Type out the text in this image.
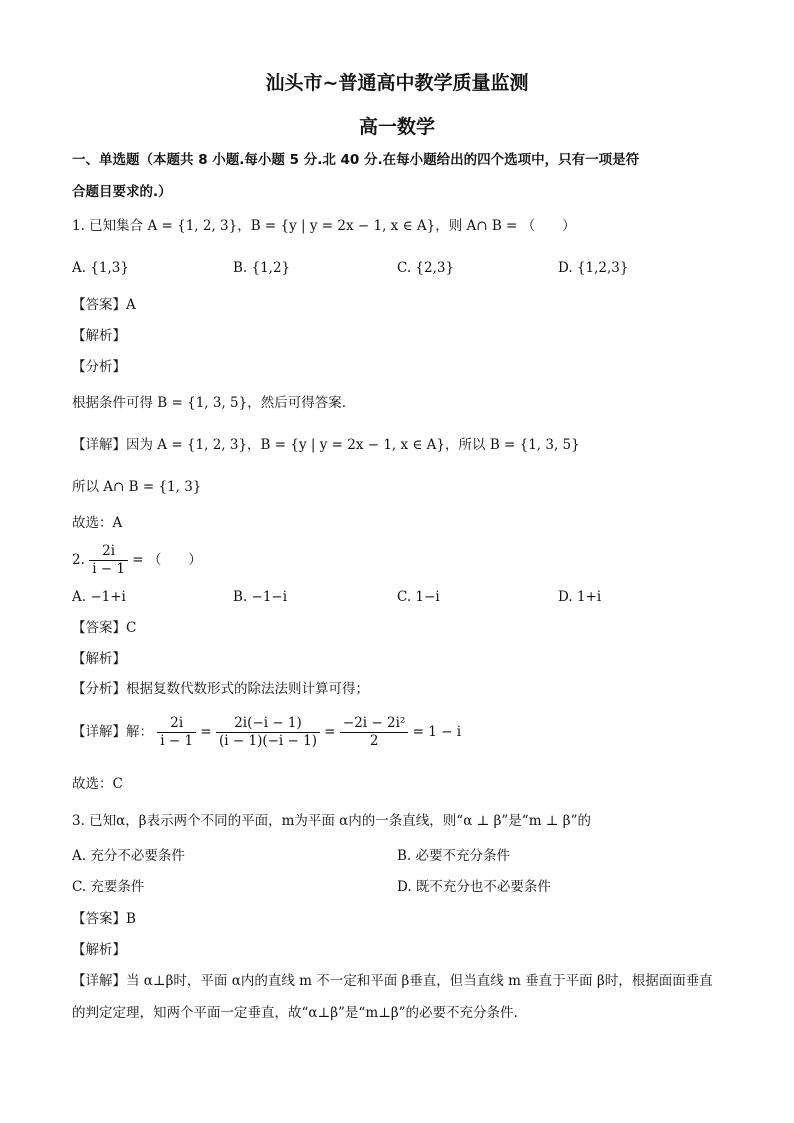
汕头市~普通高中教学质量监测
高一数学
一、单选题（本题共 8 小题.每小题 5 分.北 40 分.在每小题给出的四个选项中，只有一项是符
合题目要求的.）
1. 已知集合 A = {1, 2, 3}，B = {y | y = 2x − 1, x ∈ A}，则 A∩ B = （　　）
A. {1,3}	B. {1,2}	C. {2,3}	D. {1,2,3}
【答案】A
【解析】
【分析】
根据条件可得 B = {1, 3, 5}，然后可得答案.
【详解】因为 A = {1, 2, 3}，B = {y | y = 2x − 1, x ∈ A}，所以 B = {1, 3, 5}
所以 A∩ B = {1, 3}
故选：A
2. $\frac{2i}{i - 1}$ = （　　）
A. −1+i	B. −1−i	C. 1−i	D. 1+i
【答案】C
【解析】
【分析】根据复数代数形式的除法法则计算可得；
【详解】解： $\frac{2i}{i - 1} = \frac{2i(-i - 1)}{(i - 1)(-i - 1)} = \frac{\text{−2i − 2i²}}{2} = 1 - i$
故选：C
3. 已知α，β表示两个不同的平面，m为平面 α内的一条直线，则“α ⊥ β”是“m ⊥ β”的
A. 充分不必要条件	B. 必要不充分条件
C. 充要条件	D. 既不充分也不必要条件
【答案】B
【解析】
【详解】当 α⊥β时，平面 α内的直线 m 不一定和平面 β垂直，但当直线 m 垂直于平面 β时，根据面面垂直
的判定定理，知两个平面一定垂直，故“α⊥β”是“m⊥β”的必要不充分条件.
